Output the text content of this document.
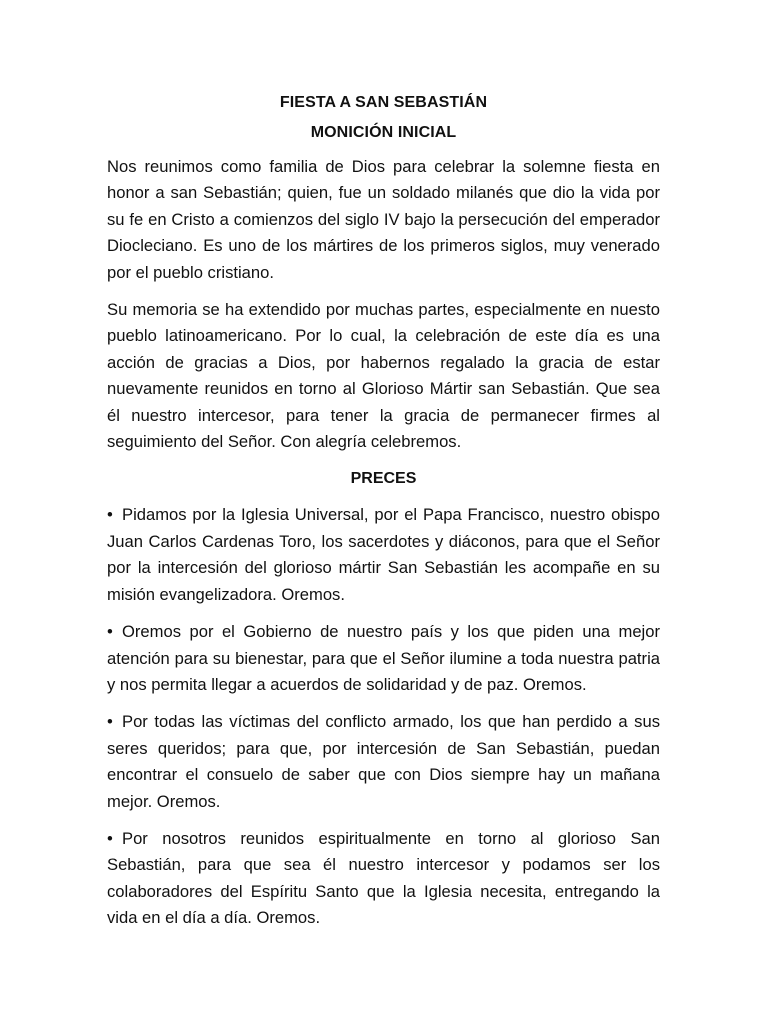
FIESTA A SAN SEBASTIÁN
MONICIÓN INICIAL

Nos reunimos como familia de Dios para celebrar la solemne fiesta en honor a san Sebastián; quien, fue un soldado milanés que dio la vida por su fe en Cristo a comienzos del siglo IV bajo la persecución del emperador Diocleciano. Es uno de los mártires de los primeros siglos, muy venerado por el pueblo cristiano.

Su memoria se ha extendido por muchas partes, especialmente en nuesto pueblo latinoamericano. Por lo cual, la celebración de este día es una acción de gracias a Dios, por habernos regalado la gracia de estar nuevamente reunidos en torno al Glorioso Mártir san Sebastián. Que sea él nuestro intercesor, para tener la gracia de permanecer firmes al seguimiento del Señor. Con alegría celebremos.

PRECES

• Pidamos por la Iglesia Universal, por el Papa Francisco, nuestro obispo Juan Carlos Cardenas Toro, los sacerdotes y diáconos, para que el Señor por la intercesión del glorioso mártir San Sebastián les acompañe en su misión evangelizadora. Oremos.

• Oremos por el Gobierno de nuestro país y los que piden una mejor atención para su bienestar, para que el Señor ilumine a toda nuestra patria y nos permita llegar a acuerdos de solidaridad y de paz. Oremos.

• Por todas las víctimas del conflicto armado, los que han perdido a sus seres queridos; para que, por intercesión de San Sebastián, puedan encontrar el consuelo de saber que con Dios siempre hay un mañana mejor. Oremos.

• Por nosotros reunidos espiritualmente en torno al glorioso San Sebastián, para que sea él nuestro intercesor y podamos ser los colaboradores del Espíritu Santo que la Iglesia necesita, entregando la vida en el día a día. Oremos.
